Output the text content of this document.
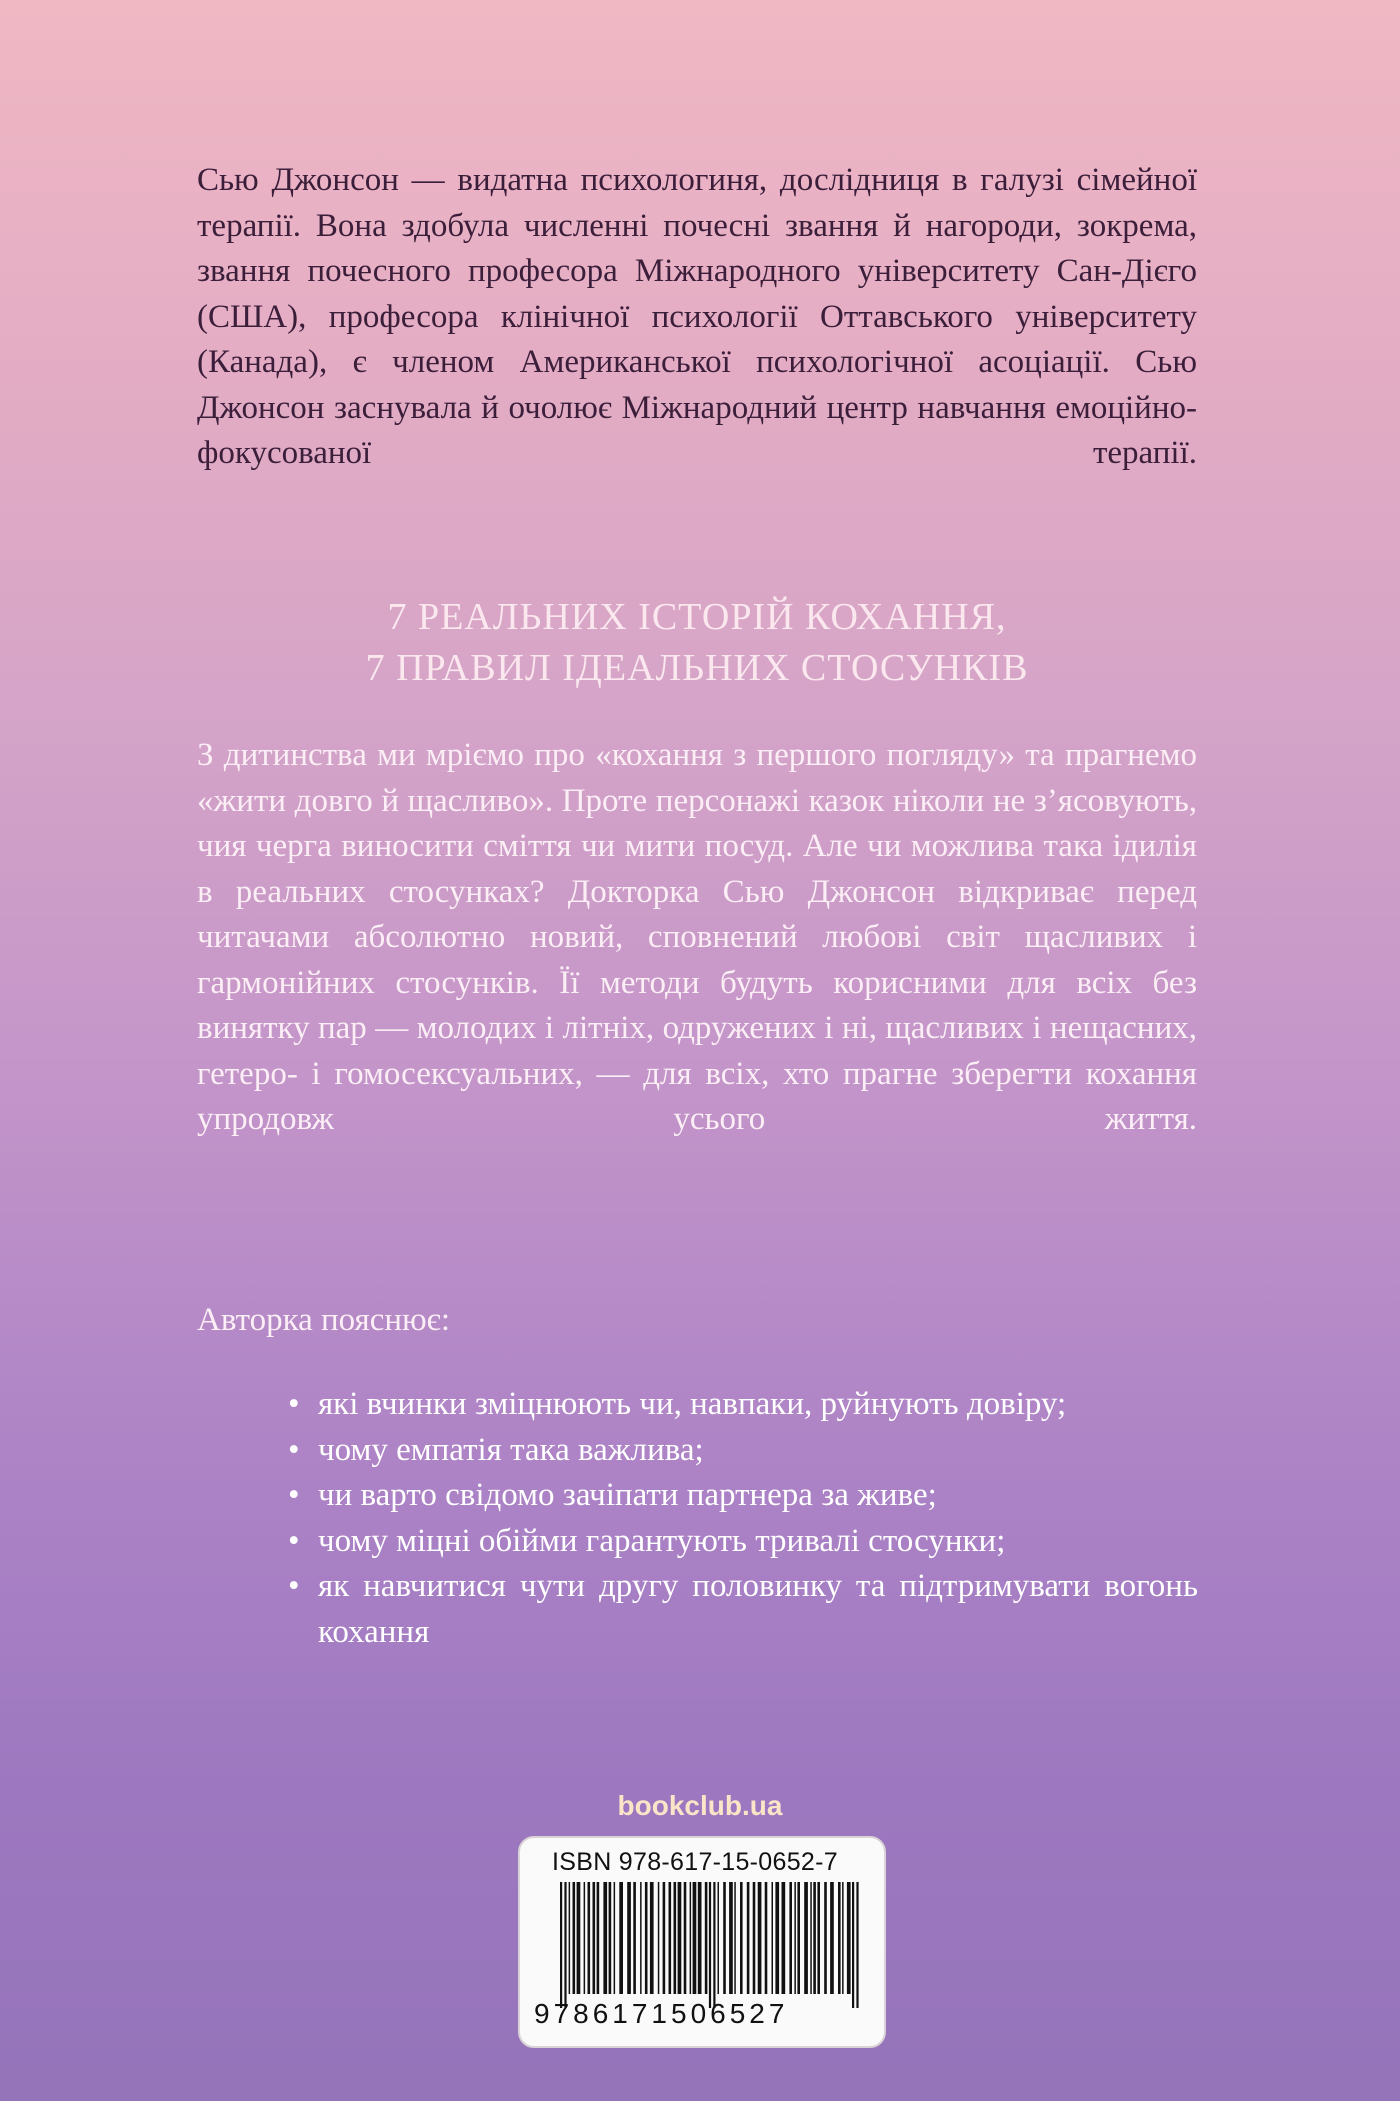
Сью Джонсон — видатна психологиня, дослідниця в галузі сімейної терапії. Вона здобула численні почесні звання й нагороди, зокрема, звання почесного професора Міжнародного університету Сан-Дієго (США), професора клінічної психології Оттавського університету (Канада), є членом Американської психологічної асоціації. Сью Джонсон заснувала й очолює Міжнародний центр навчання емоційно-фокусованої терапії.

7 РЕАЛЬНИХ ІСТОРІЙ КОХАННЯ,
7 ПРАВИЛ ІДЕАЛЬНИХ СТОСУНКІВ

З дитинства ми мріємо про «кохання з першого погляду» та прагнемо «жити довго й щасливо». Проте персонажі казок ніколи не з’ясовують, чия черга виносити сміття чи мити посуд. Але чи можлива така ідилія в реальних стосунках? Докторка Сью Джонсон відкриває перед читачами абсолютно новий, сповнений любові світ щасливих і гармонійних стосунків. Її методи будуть корисними для всіх без винятку пар — молодих і літніх, одружених і ні, щасливих і нещасних, гетеро- і гомосексуальних, — для всіх, хто прагне зберегти кохання упродовж усього життя.

Авторка пояснює:

• які вчинки зміцнюють чи, навпаки, руйнують довіру;
• чому емпатія така важлива;
• чи варто свідомо зачіпати партнера за живе;
• чому міцні обійми гарантують тривалі стосунки;
• як навчитися чути другу половинку та підтримувати вогонь кохання
bookclub.ua
ISBN 978-617-15-0652-7
9786171506527
